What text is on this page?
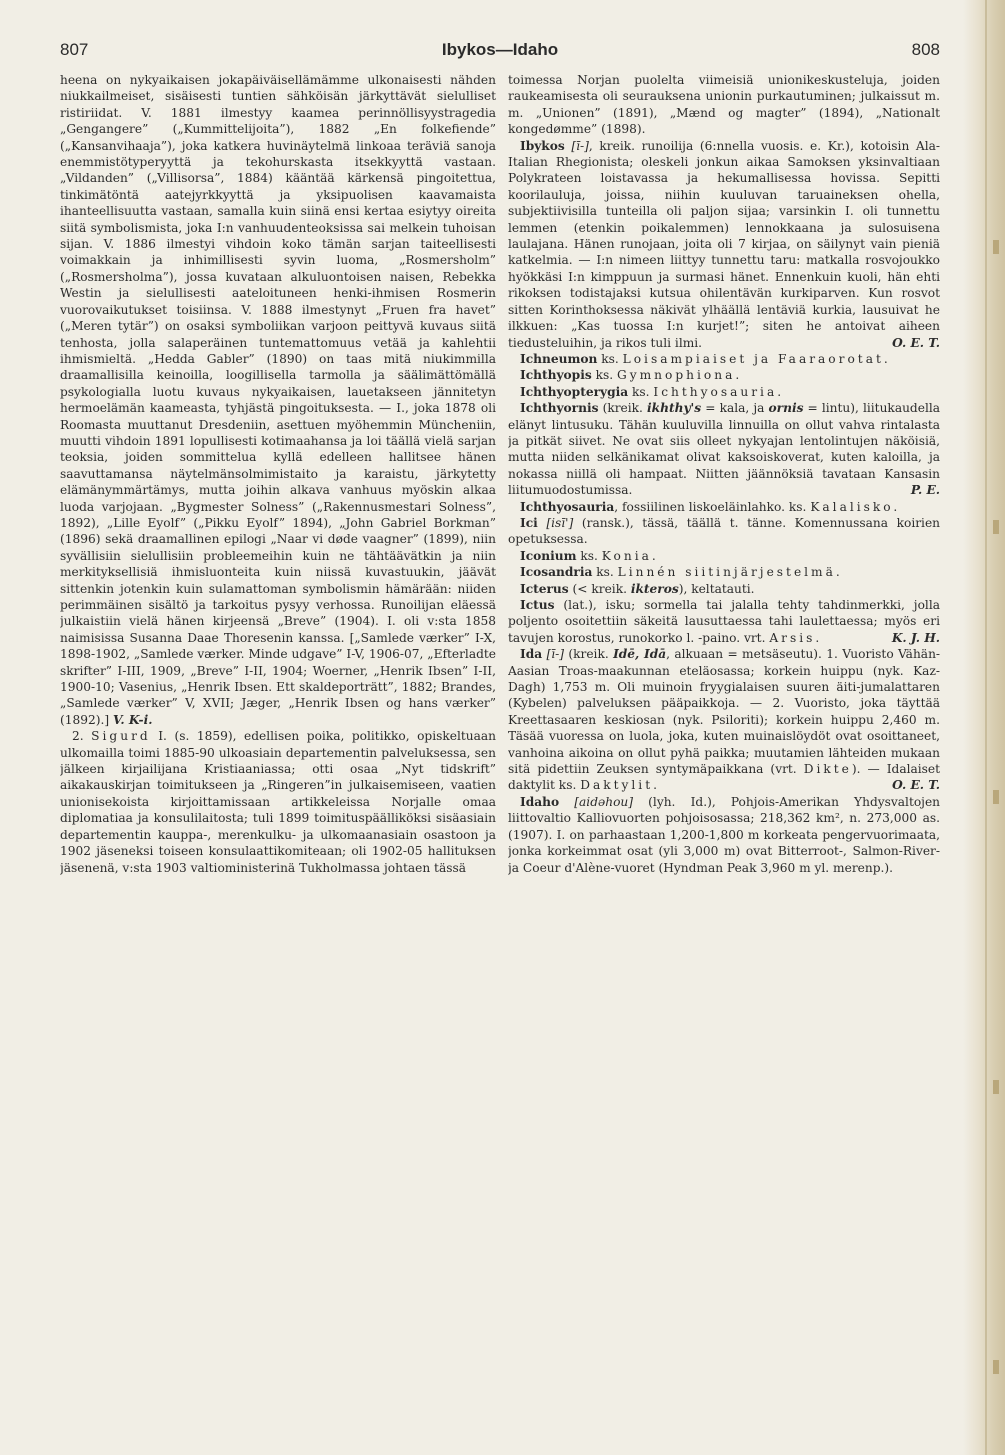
807	Ibykos—Idaho	808

heena on nykyaikaisen jokapäiväisellämämme ulkonaisesti nähden niukkailmeiset, sisäisesti tuntien sähköisän järkyttävät sielulliset ristiriidat. V. 1881 ilmestyy kaamea perinnöllisyystragedia „Gengangere” („Kummittelijoita”), 1882 „En folkefiende” („Kansanvihaaja”), joka katkera huvinäytelmä linkoaa teräviä sanoja enemmistötyperyyttä ja tekohurskasta itsekkyyttä vastaan. „Vildanden” („Villisorsa”, 1884) kääntää kärkensä pingoitettua, tinkimätöntä aatejyrkkyyttä ja yksipuolisen kaavamaista ihanteellisuutta vastaan, samalla kuin siinä ensi kertaa esiytyy oireita siitä symbolismista, joka I:n vanhuudenteoksissa sai melkein tuhoisan sijan. V. 1886 ilmestyi vihdoin koko tämän sarjan taiteellisesti voimakkain ja inhimillisesti syvin luoma, „Rosmersholm” („Rosmersholma”), jossa kuvataan alkuluontoisen naisen, Rebekka Westin ja sielullisesti aateloituneen henki-ihmisen Rosmerin vuorovaikutukset toisiinsa. V. 1888 ilmestynyt „Fruen fra havet” („Meren tytär”) on osaksi symboliikan varjoon peittyvä kuvaus siitä tenhosta, jolla salaperäinen tuntemattomuus vetää ja kahlehtii ihmismieltä. „Hedda Gabler” (1890) on taas mitä niukimmilla draamallisilla keinoilla, loogillisella tarmolla ja säälimättömällä psykologialla luotu kuvaus nykyaikaisen, lauetakseen jännitetyn hermoelämän kaameasta, tyhjästä pingoituksesta. — I., joka 1878 oli Roomasta muuttanut Dresdeniin, asettuen myöhemmin Müncheniin, muutti vihdoin 1891 lopullisesti kotimaahansa ja loi täällä vielä sarjan teoksia, joiden sommittelua kyllä edelleen hallitsee hänen saavuttamansa näytelmänsolmimistaito ja karaistu, järkytetty elämänymmärtämys, mutta joihin alkava vanhuus myöskin alkaa luoda varjojaan. „Bygmester Solness” („Rakennusmestari Solness”, 1892), „Lille Eyolf” („Pikku Eyolf” 1894), „John Gabriel Borkman” (1896) sekä draamallinen epilogi „Naar vi døde vaagner” (1899), niin syvällisiin sielullisiin probleemeihin kuin ne tähtäävätkin ja niin merkityksellisiä ihmisluonteita kuin niissä kuvastuukin, jäävät sittenkin jotenkin kuin sulamattoman symbolismin hämärään: niiden perimmäinen sisältö ja tarkoitus pysyy verhossa. Runoilijan eläessä julkaistiin vielä hänen kirjeensä „Breve” (1904). I. oli v:sta 1858 naimisissa Susanna Daae Thoresenin kanssa. [„Samlede værker” I-X, 1898-1902, „Samlede værker. Minde udgave” I-V, 1906-07, „Efterladte skrifter” I-III, 1909, „Breve” I-II, 1904; Woerner, „Henrik Ibsen” I-II, 1900-10; Vasenius, „Henrik Ibsen. Ett skaldeporträtt”, 1882; Brandes, „Samlede værker” V, XVII; Jæger, „Henrik Ibsen og hans værker” (1892).] V. K-i.

2. Sigurd I. (s. 1859), edellisen poika, politikko, opiskeltuaan ulkomailla toimi 1885-90 ulkoasiain departementin palveluksessa, sen jälkeen kirjailijana Kristiaaniassa; otti osaa „Nyt tidskrift” aikakauskirjan toimitukseen ja „Ringeren”in julkaisemiseen, vaatien unionisekoista kirjoittamissaan artikkeleissa Norjalle omaa diplomatiaa ja konsulilaitosta; tuli 1899 toimituspäälliköksi sisäasiain departementin kauppa-, merenkulku- ja ulkomaanasiain osastoon ja 1902 jäseneksi toiseen konsulaattikomiteaan; oli 1902-05 hallituksen jäsenenä, v:sta 1903 valtioministerinä Tukholmassa johtaen tässä

toimessa Norjan puolelta viimeisiä unionikeskusteluja, joiden raukeamisesta oli seurauksena unionin purkautuminen; julkaissut m. m. „Unionen” (1891), „Mænd og magter” (1894), „Nationalt kongedømme” (1898).

Ibykos [ī-], kreik. runoilija (6:nnella vuosis. e. Kr.), kotoisin Ala-Italian Rhegionista; oleskeli jonkun aikaa Samoksen yksinvaltiaan Polykrateen loistavassa ja hekumallisessa hovissa. Sepitti koorilauluja, joissa, niihin kuuluvan taruaineksen ohella, subjektiivisilla tunteilla oli paljon sijaa; varsinkin I. oli tunnettu lemmen (etenkin poikalemmen) lennokkaana ja sulosuisena laulajana. Hänen runojaan, joita oli 7 kirjaa, on säilynyt vain pieniä katkelmia. — I:n nimeen liittyy tunnettu taru: matkalla rosvojoukko hyökkäsi I:n kimppuun ja surmasi hänet. Ennenkuin kuoli, hän ehti rikoksen todistajaksi kutsua ohilentävän kurkiparven. Kun rosvot sitten Korinthoksessa näkivät ylhäällä lentäviä kurkia, lausuivat he ilkkuen: „Kas tuossa I:n kurjet!”; siten he antoivat aiheen tiedusteluihin, ja rikos tuli ilmi.	O. E. T.

Ichneumon ks. Loisampiaiset ja Faaraorotat.

Ichthyopis ks. Gymnophiona.

Ichthyopterygia ks. Ichthyosauria.

Ichthyornis (kreik. ikhthy's = kala, ja ornis = lintu), liitukaudella elänyt lintusuku. Tähän kuuluvilla linnuilla on ollut vahva rintalasta ja pitkät siivet. Ne ovat siis olleet nykyajan lentolintujen näköisiä, mutta niiden selkänikamat olivat kaksoiskoverat, kuten kaloilla, ja nokassa niillä oli hampaat. Niitten jäännöksiä tavataan Kansasin liitumuodostumissa.	P. E.

Ichthyosauria, fossiilinen liskoeläinlahko. ks. Kalalisko.

Ici [isī'] (ransk.), tässä, täällä t. tänne. Komennussana koirien opetuksessa.

Iconium ks. Konia.

Icosandria ks. Linnén siitinjärjestelmä.

Icterus (< kreik. ikteros), keltatauti.

Ictus (lat.), isku; sormella tai jalalla tehty tahdinmerkki, jolla poljento osoitettiin säkeitä lausuttaessa tahi laulettaessa; myös eri tavujen korostus, runokorko l. -paino. vrt. Arsis.	K. J. H.

Ida [ī-] (kreik. Idē, Idā, alkuaan = metsäseutu). 1. Vuoristo Vähän-Aasian Troas-maakunnan eteläosassa; korkein huippu (nyk. Kaz-Dagh) 1,753 m. Oli muinoin fryygialaisen suuren äiti-jumalattaren (Kybelen) palveluksen pääpaikkoja. — 2. Vuoristo, joka täyttää Kreettasaaren keskiosan (nyk. Psiloriti); korkein huippu 2,460 m. Täsää vuoressa on luola, joka, kuten muinaislöydöt ovat osoittaneet, vanhoina aikoina on ollut pyhä paikka; muutamien lähteiden mukaan sitä pidettiin Zeuksen syntymäpaikkana (vrt. Dikte). — Idalaiset daktylit ks. Daktylit.	O. E. T.

Idaho [aidəhou] (lyh. Id.), Pohjois-Amerikan Yhdysvaltojen liittovaltio Kalliovuorten pohjoisosassa; 218,362 km², n. 273,000 as. (1907). I. on parhaastaan 1,200-1,800 m korkeata pengervuorimaata, jonka korkeimmat osat (yli 3,000 m) ovat Bitterroot-, Salmon-River- ja Coeur d'Alène-vuoret (Hyndman Peak 3,960 m yl. merenp.).
